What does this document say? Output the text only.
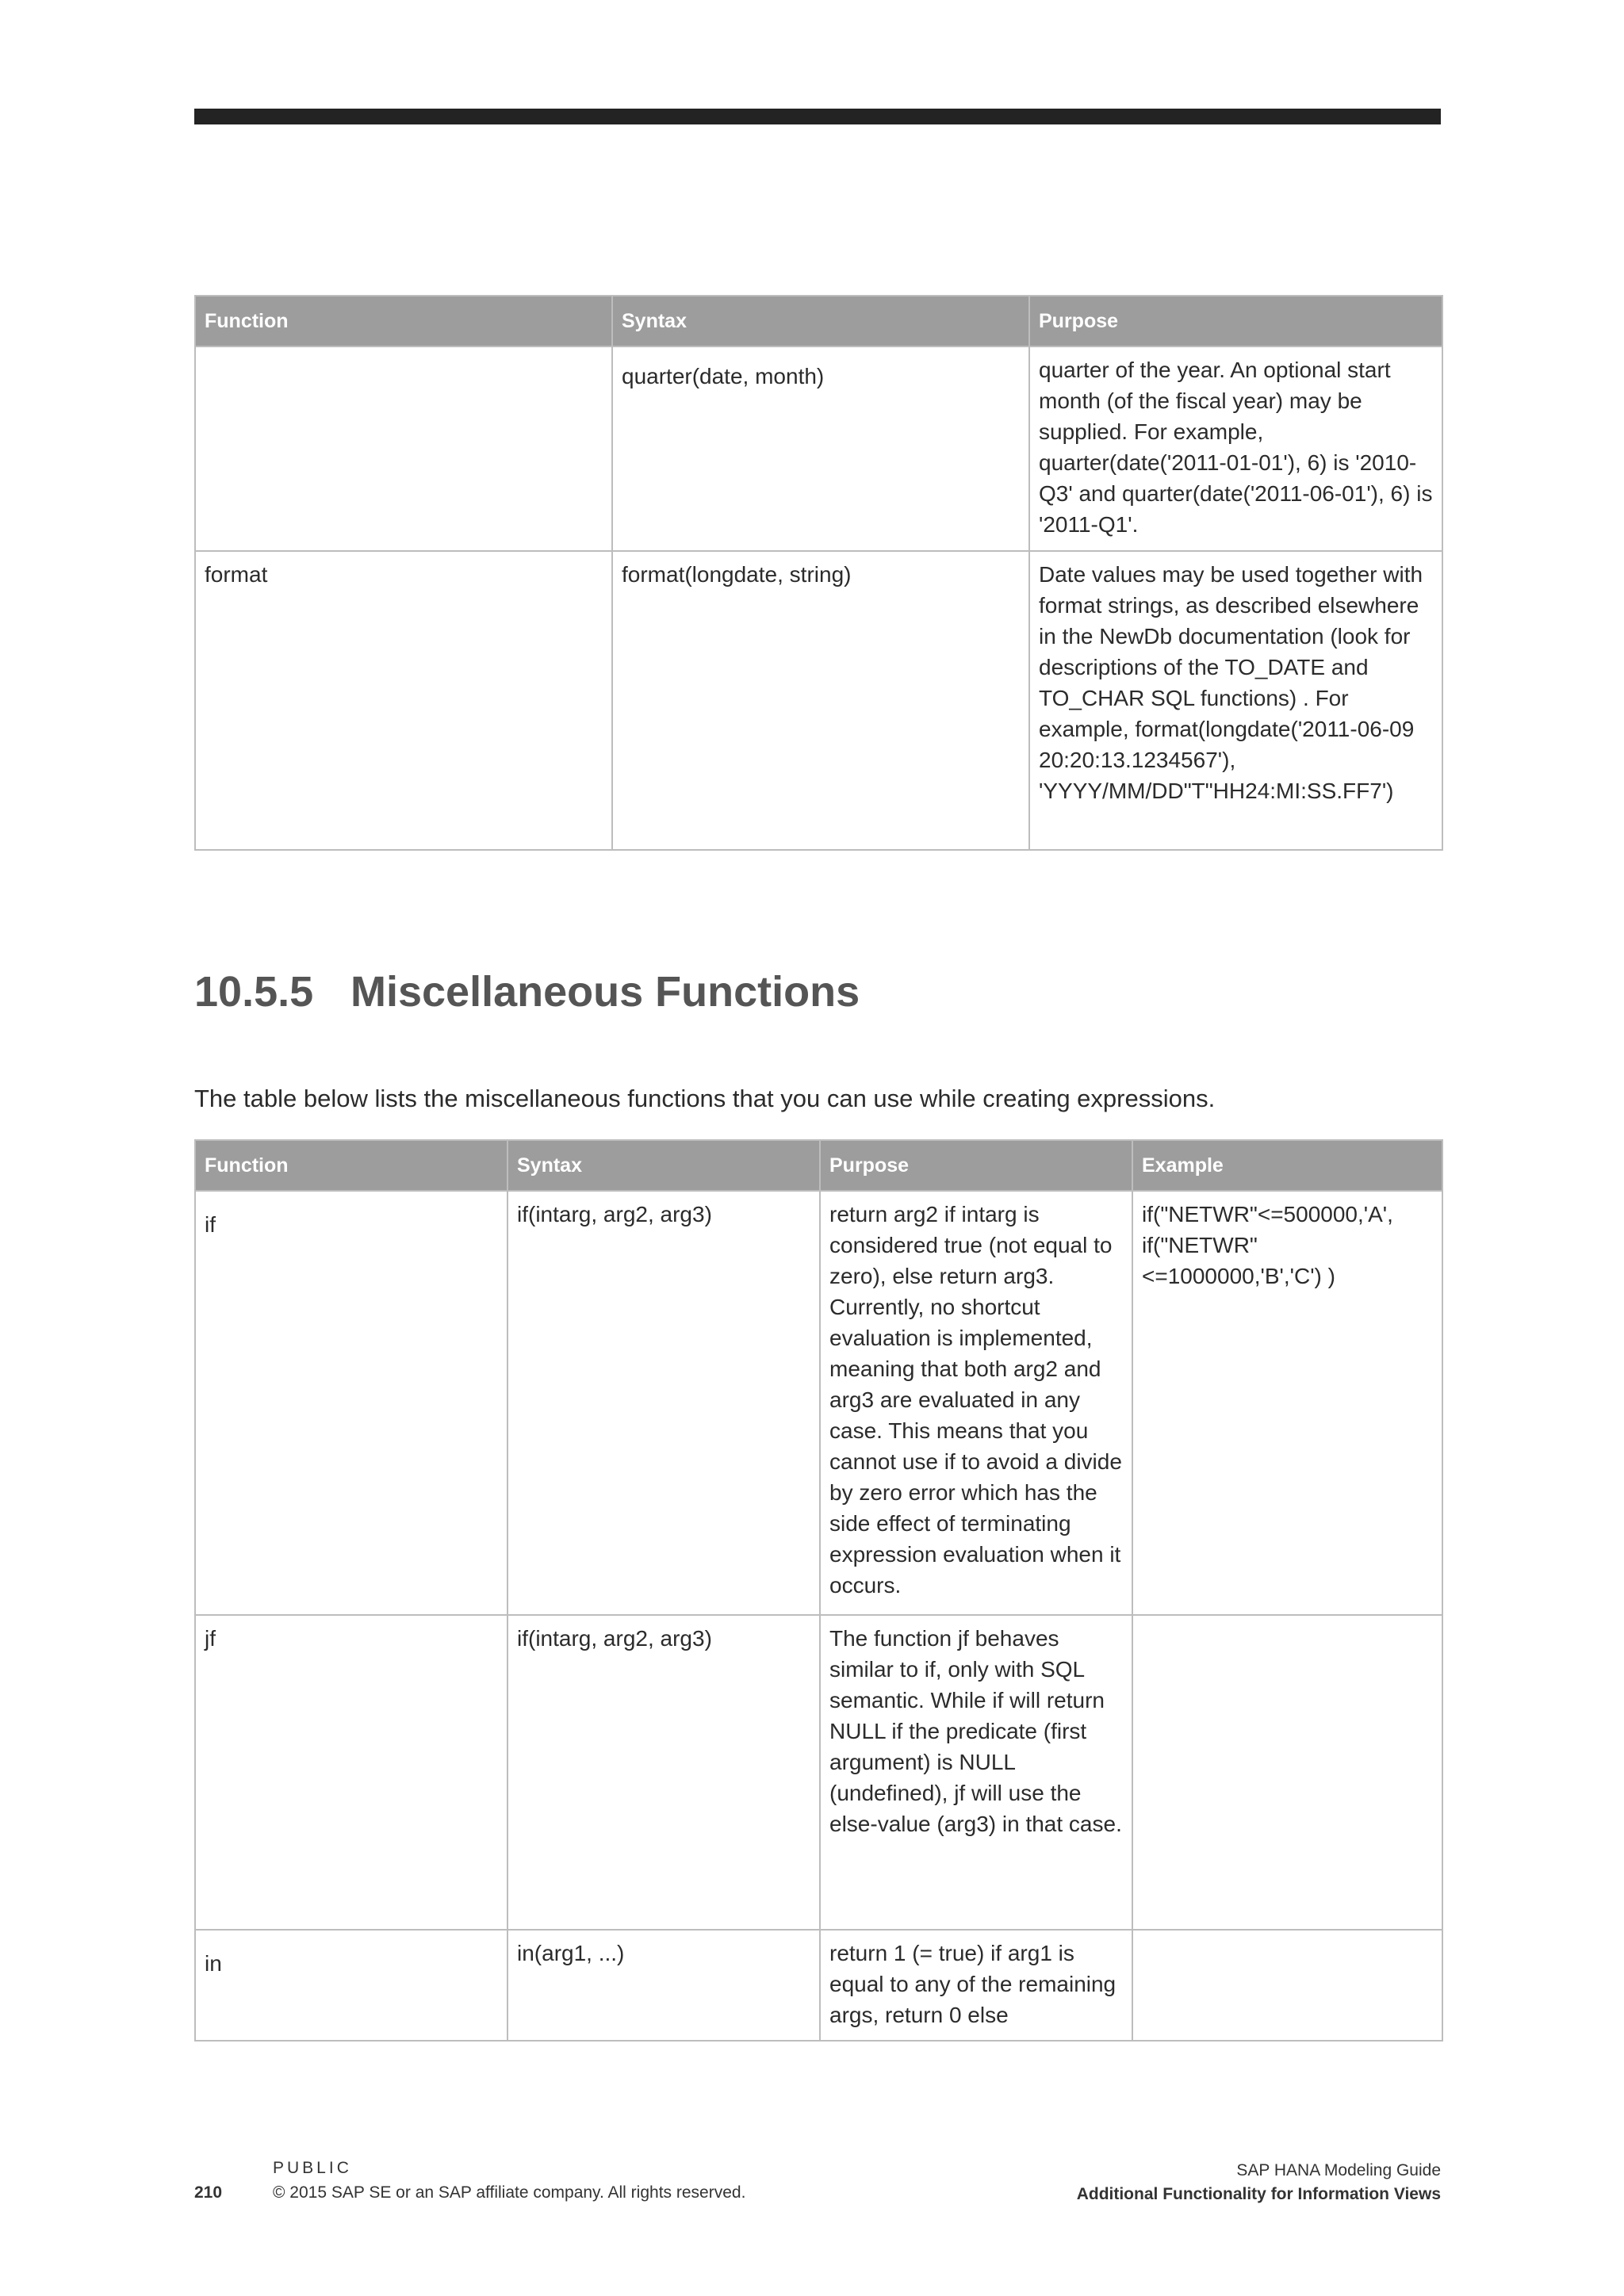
Function	Syntax	Purpose
	quarter(date, month)	quarter of the year. An optional start month (of the fiscal year) may be supplied. For example, quarter(date('2011-01-01'), 6) is '2010-Q3' and quarter(date('2011-06-01'), 6) is '2011-Q1'.
format	format(longdate, string)	Date values may be used together with format strings, as described elsewhere in the NewDb documentation (look for descriptions of the TO_DATE and TO_CHAR SQL functions) . For example, format(longdate('2011-06-09 20:20:13.1234567'), 'YYYY/MM/DD"T"HH24:MI:SS.FF7')
10.5.5 Miscellaneous Functions

The table below lists the miscellaneous functions that you can use while creating expressions.

Function	Syntax	Purpose	Example
if	if(intarg, arg2, arg3)	return arg2 if intarg is considered true (not equal to zero), else return arg3. Currently, no shortcut evaluation is implemented, meaning that both arg2 and arg3 are evaluated in any case. This means that you cannot use if to avoid a divide by zero error which has the side effect of terminating expression evaluation when it occurs.	if("NETWR"<=500000,'A', if("NETWR"<=1000000,'B','C') )
jf	if(intarg, arg2, arg3)	The function jf behaves similar to if, only with SQL semantic. While if will return NULL if the predicate (first argument) is NULL (undefined), jf will use the else-value (arg3) in that case.	
in	in(arg1, ...)	return 1 (= true) if arg1 is equal to any of the remaining args, return 0 else	
210
PUBLIC
© 2015 SAP SE or an SAP affiliate company. All rights reserved.
SAP HANA Modeling Guide
Additional Functionality for Information Views
